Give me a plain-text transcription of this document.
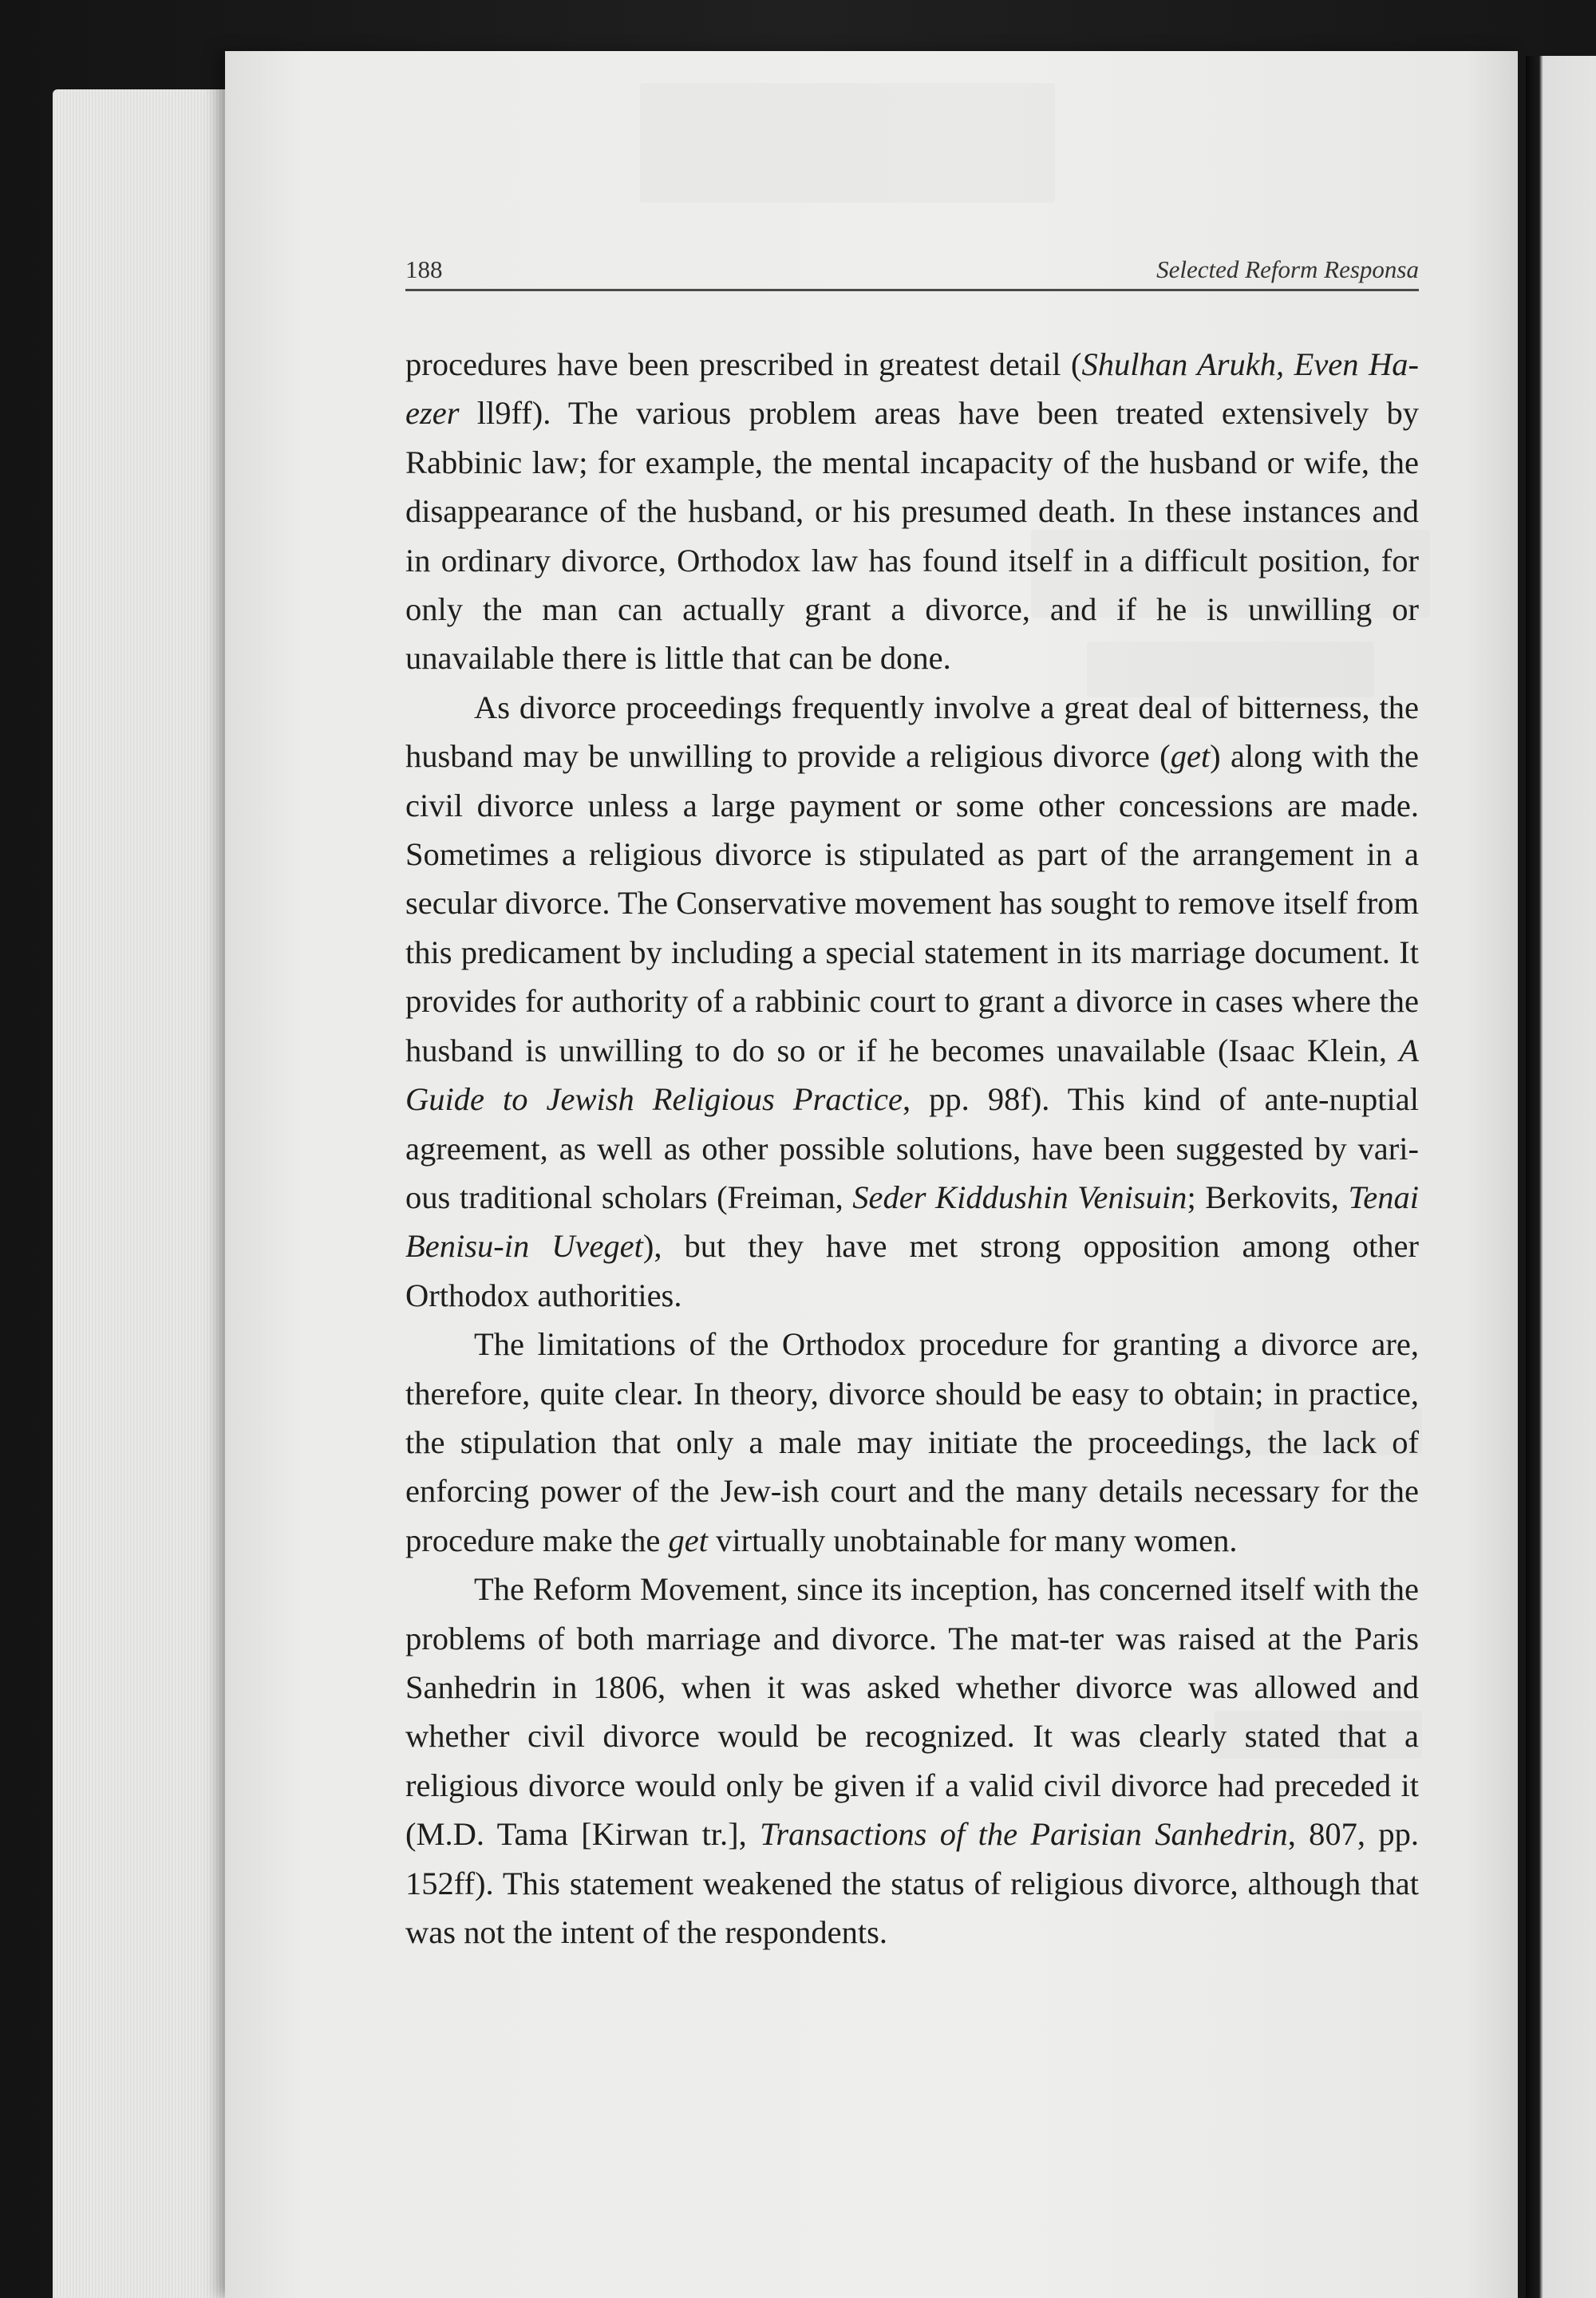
188	Selected Reform Responsa

procedures have been prescribed in greatest detail (Shulhan Arukh, Even Ha-ezer ll9ff). The various problem areas have been treated extensively by Rabbinic law; for example, the mental incapacity of the husband or wife, the disappearance of the husband, or his presumed death. In these instances and in ordinary divorce, Orthodox law has found itself in a difficult position, for only the man can actually grant a divorce, and if he is unwilling or unavailable there is little that can be done.

As divorce proceedings frequently involve a great deal of bitterness, the husband may be unwilling to provide a religious divorce (get) along with the civil divorce unless a large payment or some other concessions are made. Sometimes a religious divorce is stipulated as part of the arrangement in a secular divorce. The Conservative movement has sought to remove itself from this predicament by including a special statement in its marriage document. It provides for authority of a rabbinic court to grant a divorce in cases where the husband is unwilling to do so or if he becomes unavailable (Isaac Klein, A Guide to Jewish Religious Practice, pp. 98f). This kind of ante-nuptial agreement, as well as other possible solutions, have been suggested by vari-ous traditional scholars (Freiman, Seder Kiddushin Venisuin; Berkovits, Tenai Benisu-in Uveget), but they have met strong opposition among other Orthodox authorities.

The limitations of the Orthodox procedure for granting a divorce are, therefore, quite clear. In theory, divorce should be easy to obtain; in practice, the stipulation that only a male may initiate the proceedings, the lack of enforcing power of the Jew-ish court and the many details necessary for the procedure make the get virtually unobtainable for many women.

The Reform Movement, since its inception, has concerned itself with the problems of both marriage and divorce. The mat-ter was raised at the Paris Sanhedrin in 1806, when it was asked whether divorce was allowed and whether civil divorce would be recognized. It was clearly stated that a religious divorce would only be given if a valid civil divorce had preceded it (M.D. Tama [Kirwan tr.], Transactions of the Parisian Sanhedrin, 807, pp. 152ff). This statement weakened the status of religious divorce, although that was not the intent of the respondents.
